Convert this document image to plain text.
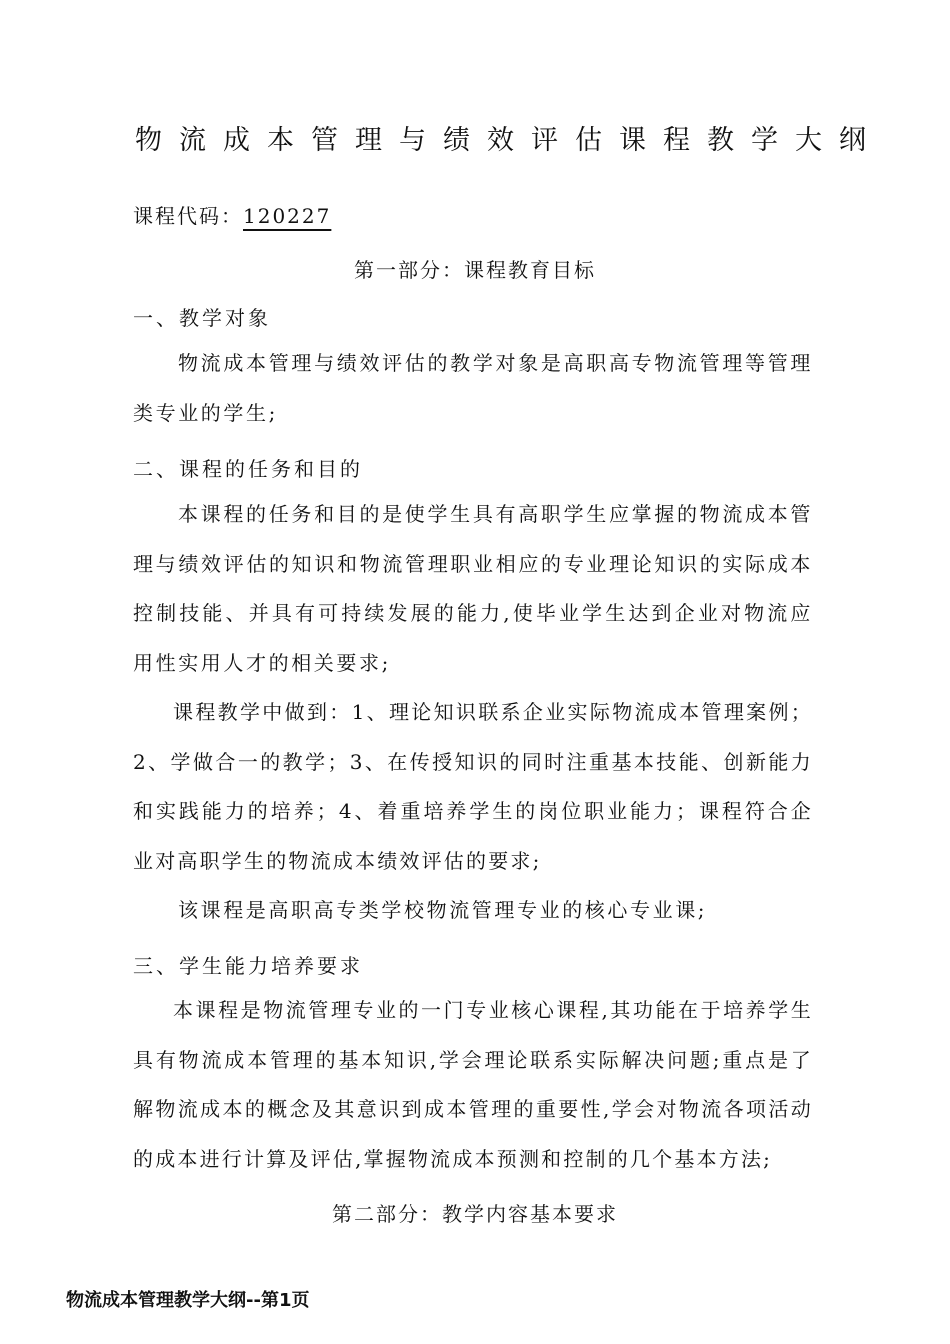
物流成本管理与绩效评估课程教学大纲
课程代码：120227
第一部分：课程教育目标
一、教学对象
物流成本管理与绩效评估的教学对象是高职高专物流管理等管理类专业的学生;
二、课程的任务和目的
本课程的任务和目的是使学生具有高职学生应掌握的物流成本管理与绩效评估的知识和物流管理职业相应的专业理论知识的实际成本控制技能、并具有可持续发展的能力,使毕业学生达到企业对物流应用性实用人才的相关要求;
课程教学中做到：1、理论知识联系企业实际物流成本管理案例；2、学做合一的教学；3、在传授知识的同时注重基本技能、创新能力和实践能力的培养；4、着重培养学生的岗位职业能力；课程符合企业对高职学生的物流成本绩效评估的要求;
该课程是高职高专类学校物流管理专业的核心专业课;
三、学生能力培养要求
本课程是物流管理专业的一门专业核心课程,其功能在于培养学生具有物流成本管理的基本知识,学会理论联系实际解决问题;重点是了解物流成本的概念及其意识到成本管理的重要性,学会对物流各项活动的成本进行计算及评估,掌握物流成本预测和控制的几个基本方法;
第二部分：教学内容基本要求
物流成本管理教学大纲--第1页
